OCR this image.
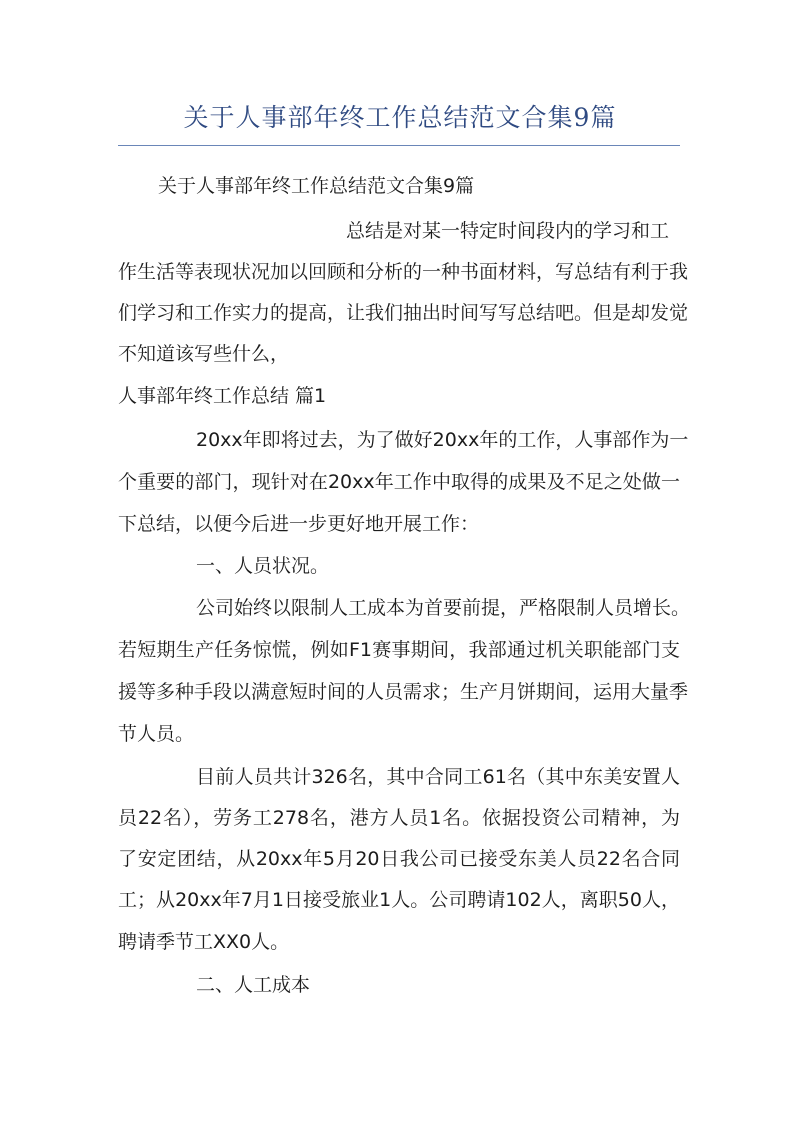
关于人事部年终工作总结范文合集9篇
关于人事部年终工作总结范文合集9篇
总结是对某一特定时间段内的学习和工
作生活等表现状况加以回顾和分析的一种书面材料，写总结有利于我
们学习和工作实力的提高，让我们抽出时间写写总结吧。但是却发觉
不知道该写些什么，
人事部年终工作总结 篇1
20xx年即将过去，为了做好20xx年的工作，人事部作为一
个重要的部门，现针对在20xx年工作中取得的成果及不足之处做一
下总结，以便今后进一步更好地开展工作：
一、人员状况。
公司始终以限制人工成本为首要前提，严格限制人员增长。
若短期生产任务惊慌，例如F1赛事期间，我部通过机关职能部门支
援等多种手段以满意短时间的人员需求；生产月饼期间，运用大量季
节人员。
目前人员共计326名，其中合同工61名（其中东美安置人
员22名），劳务工278名，港方人员1名。依据投资公司精神，为
了安定团结，从20xx年5月20日我公司已接受东美人员22名合同
工；从20xx年7月1日接受旅业1人。公司聘请102人，离职50人，
聘请季节工XX0人。
二、人工成本
